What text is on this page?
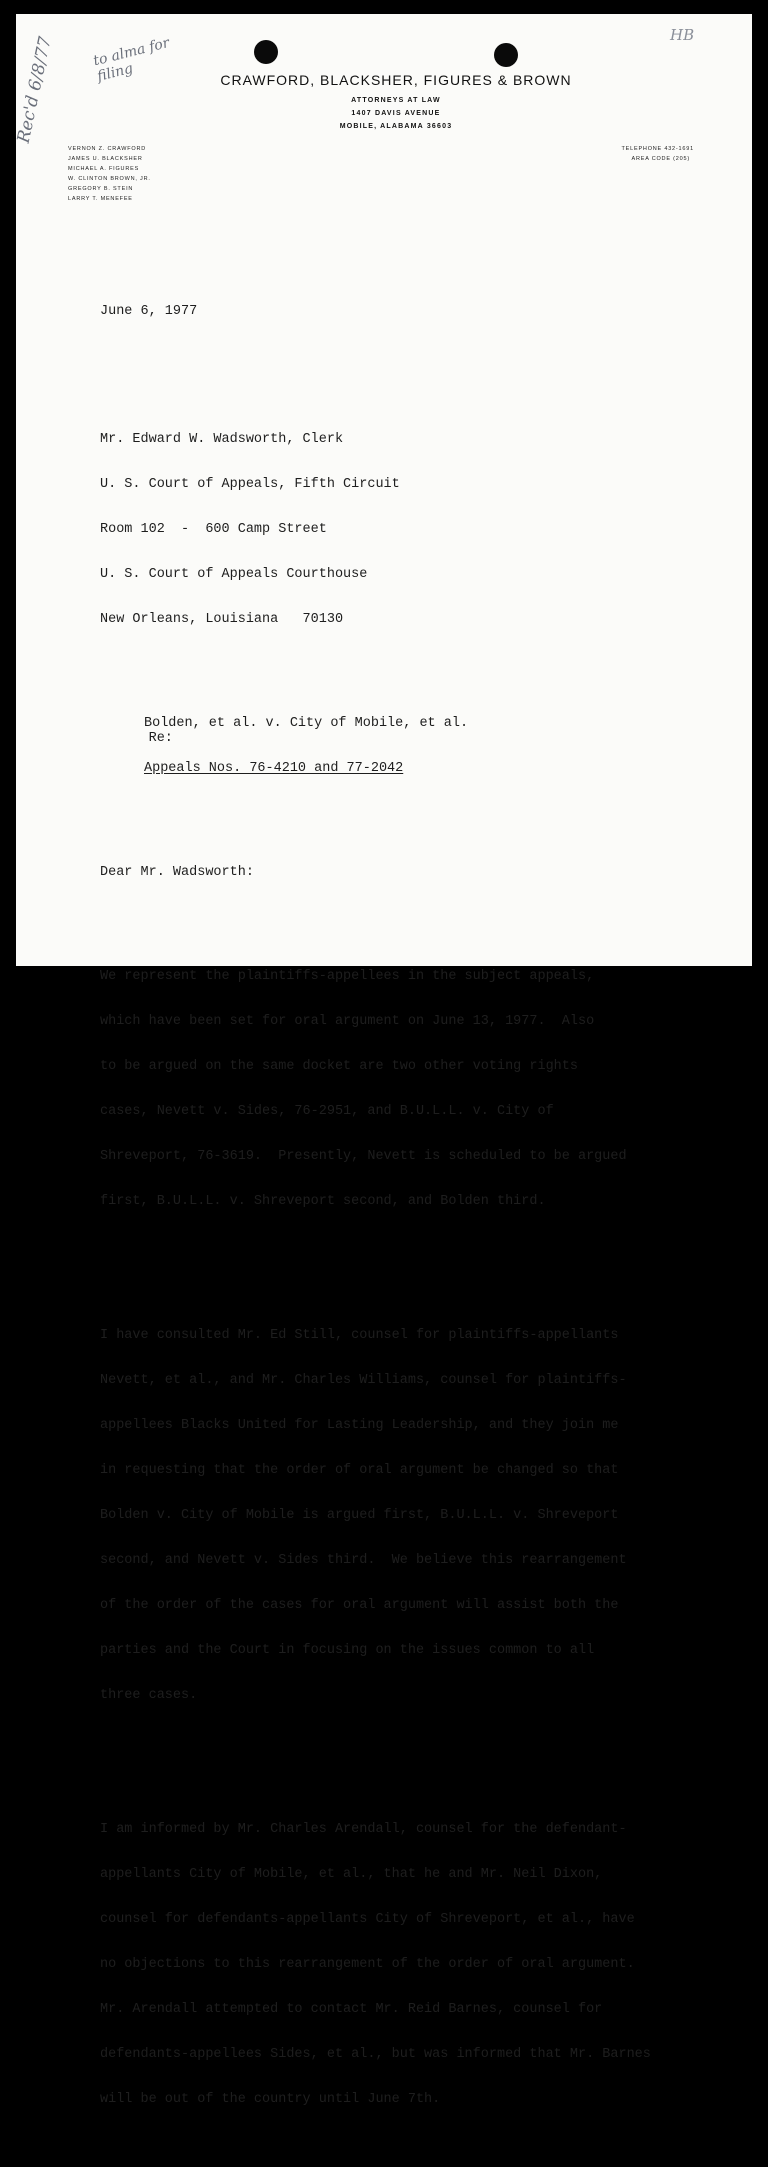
Rec'd 6/8/77	to alma for filing
HB
CRAWFORD, BLACKSHER, FIGURES & BROWN
ATTORNEYS AT LAW
1407 DAVIS AVENUE
MOBILE, ALABAMA 36603
VERNON Z. CRAWFORD
JAMES U. BLACKSHER
MICHAEL A. FIGURES
W. CLINTON BROWN, JR.
GREGORY B. STEIN
LARRY T. MENEFEE
TELEPHONE 432-1691
AREA CODE (205)

June 6, 1977

Mr. Edward W. Wadsworth, Clerk

U. S. Court of Appeals, Fifth Circuit

Room 102  -  600 Camp Street

U. S. Court of Appeals Courthouse

New Orleans, Louisiana   70130

Re:
Bolden, et al. v. City of Mobile, et al.

Appeals Nos. 76-4210 and 77-2042

Dear Mr. Wadsworth:

We represent the plaintiffs-appellees in the subject appeals,

which have been set for oral argument on June 13, 1977.  Also

to be argued on the same docket are two other voting rights

cases, Nevett v. Sides, 76-2951, and B.U.L.L. v. City of

Shreveport, 76-3619.  Presently, Nevett is scheduled to be argued

first, B.U.L.L. v. Shreveport second, and Bolden third.

I have consulted Mr. Ed Still, counsel for plaintiffs-appellants

Nevett, et al., and Mr. Charles Williams, counsel for plaintiffs-

appellees Blacks United for Lasting Leadership, and they join me

in requesting that the order of oral argument be changed so that

Bolden v. City of Mobile is argued first, B.U.L.L. v. Shreveport

second, and Nevett v. Sides third.  We believe this rearrangement

of the order of the cases for oral argument will assist both the

parties and the Court in focusing on the issues common to all

three cases.

I am informed by Mr. Charles Arendall, counsel for the defendant-

appellants City of Mobile, et al., that he and Mr. Neil Dixon,

counsel for defendants-appellants City of Shreveport, et al., have

no objections to this rearrangement of the order of oral argument.

Mr. Arendall attempted to contact Mr. Reid Barnes, counsel for

defendants-appellees Sides, et al., but was informed that Mr. Barnes

will be out of the country until June 7th.
